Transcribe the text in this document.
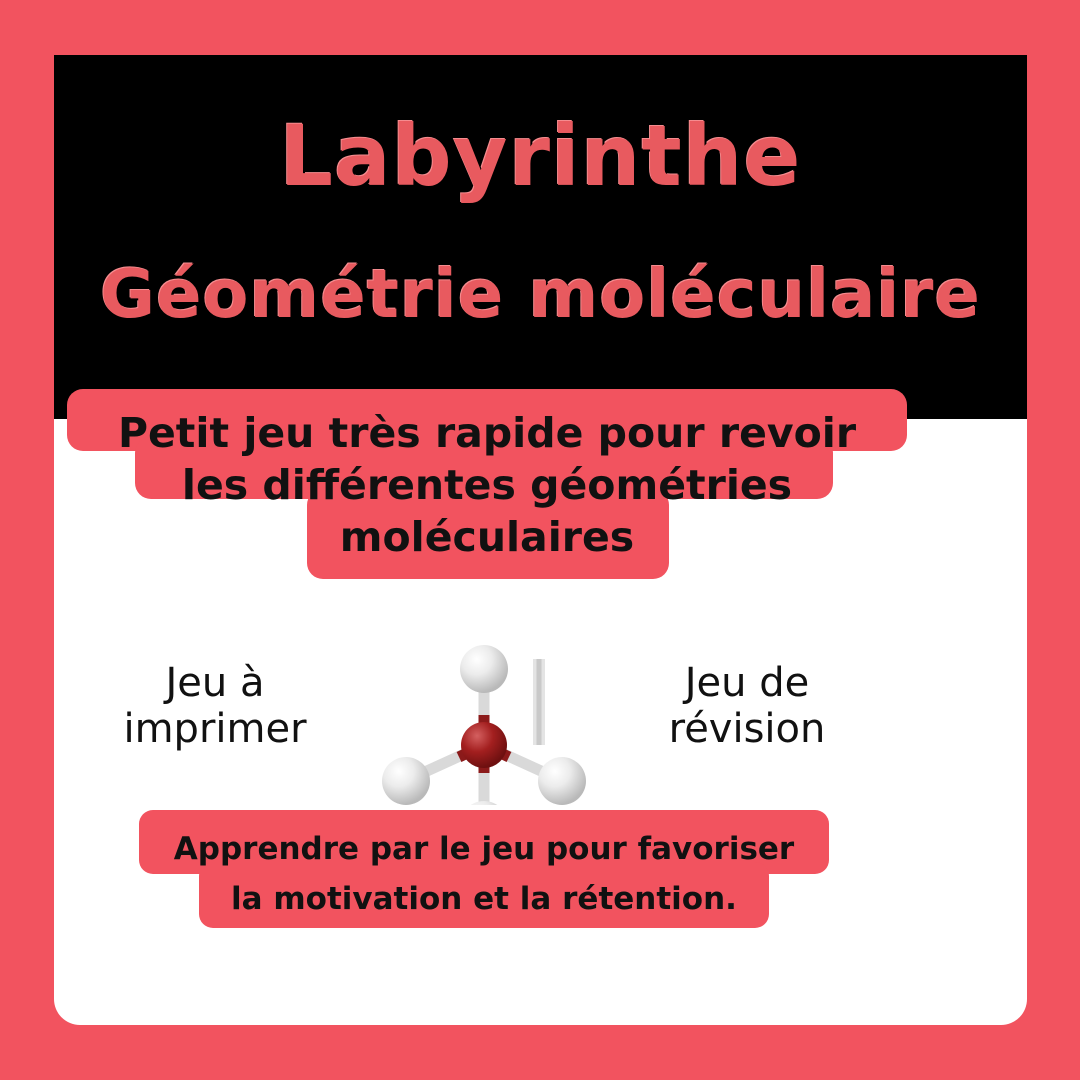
Labyrinthe
Géométrie moléculaire
Petit jeu très rapide pour revoir
les différentes géométries
moléculaires
Jeu à
imprimer
Jeu de
révision
Apprendre par le jeu pour favoriser
la motivation et la rétention.
